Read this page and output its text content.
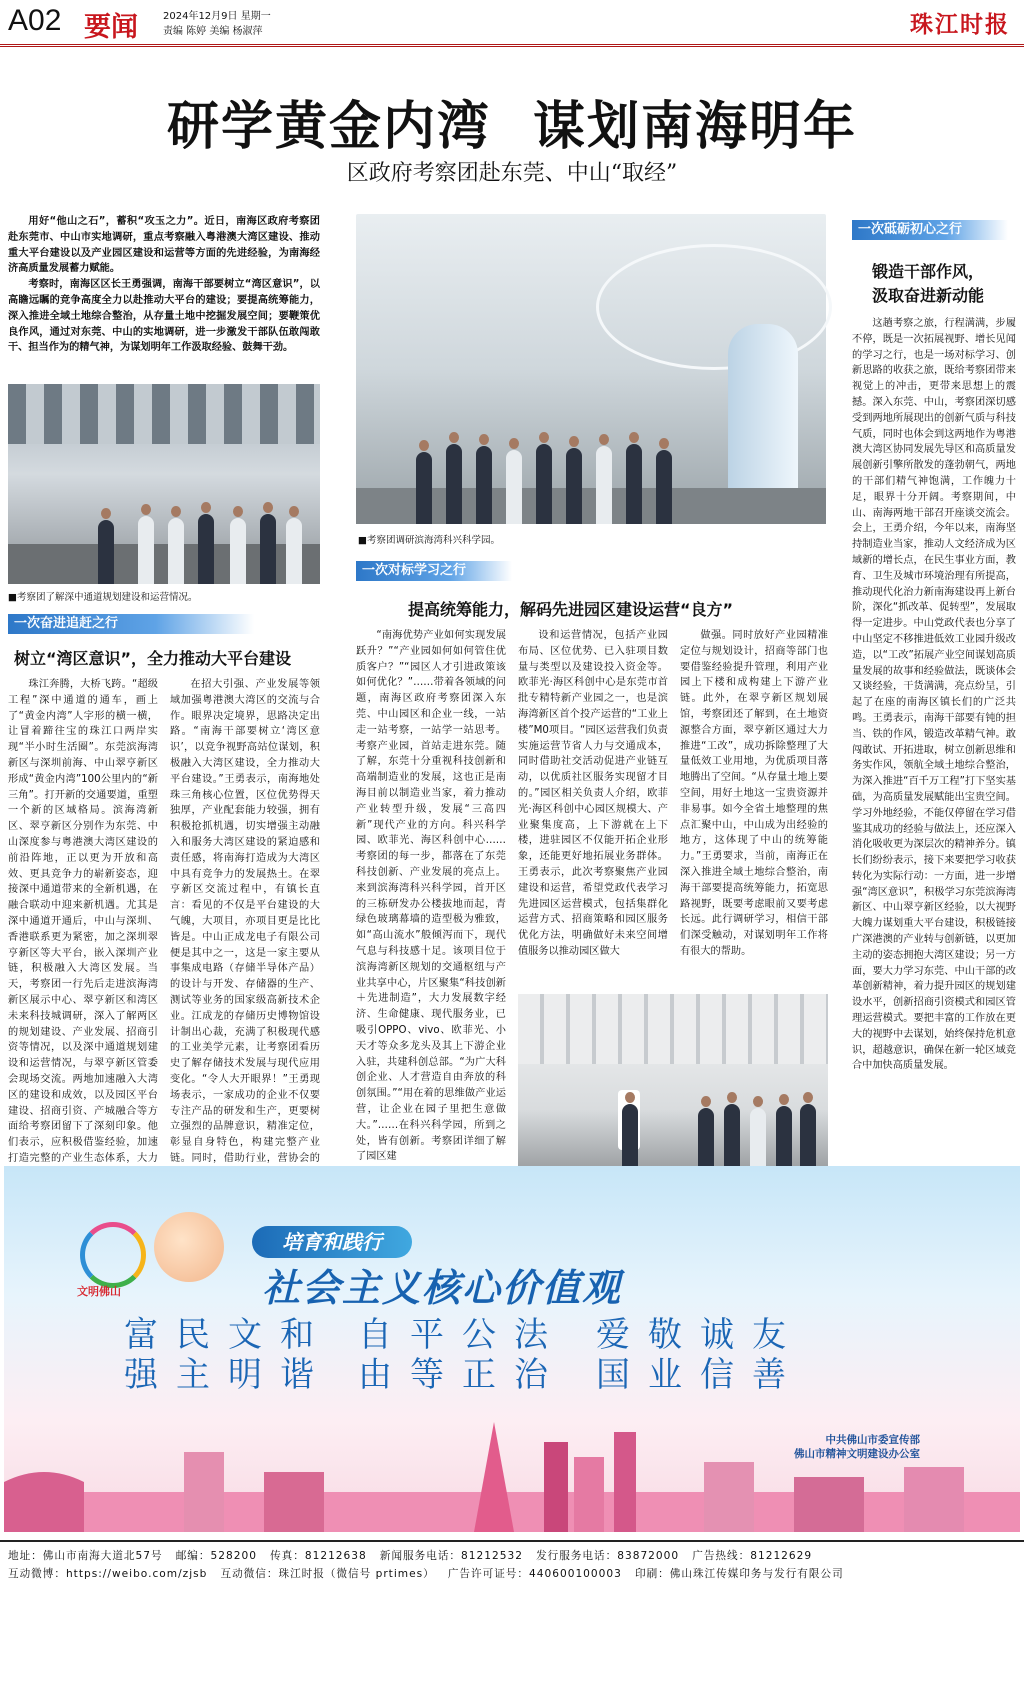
A02 要闻	2024年12月9日 星期一
责编 陈婷 美编 杨淑萍	珠江时报
研学黄金内湾 谋划南海明年
区政府考察团赴东莞、中山“取经”

用好“他山之石”，蓄积“攻玉之力”。近日，南海区政府考察团赴东莞市、中山市实地调研，重点考察融入粤港澳大湾区建设、推动重大平台建设以及产业园区建设和运营等方面的先进经验，为南海经济高质量发展蓄力赋能。

考察时，南海区区长王勇强调，南海干部要树立“湾区意识”，以高瞻远瞩的竞争高度全力以赴推动大平台的建设；要提高统筹能力，深入推进全域土地综合整治，从存量土地中挖掘发展空间；要鞭策优良作风，通过对东莞、中山的实地调研，进一步激发干部队伍敢闯敢干、担当作为的精气神，为谋划明年工作汲取经验、鼓舞干劲。

■考察团了解深中通道规划建设和运营情况。
■考察团调研滨海湾科兴科学园。
一次奋进追赶之行
树立“湾区意识”，全力推动大平台建设

珠江奔腾，大桥飞跨。“超级工程”深中通道的通车，画上了“黄金内湾”人字形的横一横，让冒着蹄往宝的珠江口两岸实现“半小时生活圈”。东莞滨海湾新区与深圳前海、中山翠亨新区形成“黄金内湾”100公里内的“新三角”。打开新的交通要道，重塑一个新的区域格局。滨海湾新区、翠亨新区分别作为东莞、中山深度参与粤港澳大湾区建设的前沿阵地，正以更为开放和高效、更具竞争力的崭新姿态，迎接深中通道带来的全新机遇，在融合联动中迎来新机遇。尤其是深中通道开通后，中山与深圳、香港联系更为紧密，加之深圳翠亨新区等大平台，嵌入深圳产业链，积极融入大湾区发展。当天，考察团一行先后走进滨海湾新区展示中心、翠亨新区和湾区未来科技城调研，深入了解两区的规划建设、产业发展、招商引资等情况，以及深中通道规划建设和运营情况，与翠亨新区管委会现场交流。两地加速融入大湾区的建设和成效，以及园区平台建设、招商引资、产城融合等方面给考察团留下了深刻印象。他们表示，应积极借鉴经验，加速打造完整的产业生态体系，大力

在招大引强、产业发展等领域加强粤港澳大湾区的交流与合作。眼界决定境界，思路决定出路。“南海干部要树立‘湾区意识’，以竞争视野高站位谋划，积极融入大湾区建设，全力推动大平台建设。”王勇表示，南海地处珠三角核心位置，区位优势得天独厚，产业配套能力较强，拥有积极抢抓机遇，切实增强主动融入和服务大湾区建设的紧迫感和责任感，将南海打造成为大湾区中具有竞争力的发展热土。在翠亨新区交流过程中，有镇长直言：看见的不仅是平台建设的大气魄，大项目，亦项目更是比比皆是。中山正成龙电子有限公司便是其中之一，这是一家主要从事集成电路（存储半导体产品）的设计与开发、存储器的生产、测试等业务的国家级高新技术企业。江成龙的存储历史博物馆设计制出心裁，充满了积极现代感的工业美学元素，让考察团看历史了解存储技术发展与现代应用变化。“令人大开眼界！”王勇现场表示，一家成功的企业不仅要专注产品的研发和生产，更要树立强烈的品牌意识，精准定位，彰显自身特色，构建完整产业链。同时，借助行业，营协会的

一次对标学习之行
提高统筹能力，解码先进园区建设运营“良方”

“南海优势产业如何实现发展跃升？”“产业园如何如何管住优质客户？”“园区人才引进政策该如何优化？”……带着各领域的问题，南海区政府考察团深入东莞、中山园区和企业一线，一站走一站考察，一站学一站思考。考察产业园，首站走进东莞。随了解，东莞十分重视科技创新和高端制造业的发展，这也正是南海目前以制造业当家，着力推动产业转型升级，发展“三高四新”现代产业的方向。科兴科学园、欧菲光、海区科创中心……考察团的每一步，都落在了东莞科技创新、产业发展的亮点上。来到滨海湾科兴科学园，首开区的三栋研发办公楼拔地而起，青绿色玻璃幕墙的造型极为雅致，如“高山流水”般倾泻而下，现代气息与科技感十足。该项目位于滨海湾新区规划的交通枢纽与产业共享中心，片区聚集“科技创新＋先进制造”，大力发展数字经济、生命健康、现代服务业，已吸引OPPO、vivo、欧菲光、小天才等众多龙头及其上下游企业入驻，共建科创总部。“为广大科创企业、人才营造自由奔放的科创氛围。”“用在着的思维做产业运营，让企业在园子里把生意做大。”……在科兴科学园，所到之处，皆有创新。考察团详细了解了园区建

设和运营情况，包括产业园布局、区位优势、已入驻项目数量与类型以及建设投入资金等。欧菲光·海区科创中心是东莞市首批专精特新产业园之一，也是滨海湾新区首个投产运营的“工业上楼”M0项目。“园区运营我们负责实施运营节省人力与交通成本，同时借助社交活动促进产业链互动，以优质社区服务实现留才目的。”园区相关负责人介绍，欧菲光·海区科创中心园区规模大、产业聚集度高，上下游就在上下楼，进驻园区不仅能开拓企业形象，还能更好地拓展业务群体。王勇表示，此次考察聚焦产业园建设和运营，希望党政代表学习先进园区运营模式，包括集群化运营方式、招商策略和园区服务优化方法，明确做好未来空间增值服务以推动园区做大

做强。同时放好产业园精准定位与规划设计，招商等部门也要借鉴经验提升管理，利用产业园上下楼和成构建上下游产业链。此外，在翠亨新区规划展馆，考察团还了解到，在土地资源整合方面，翠亨新区通过大力推进“工改”，成功拆除整理了大量低效工业用地，为优质项目落地腾出了空间。“从存量土地上要空间，用好土地这一宝贵资源并非易事。如今全省土地整理的焦点汇聚中山，中山成为出经验的地方，这体现了中山的统筹能力。”王勇要求，当前，南海正在深入推进全域土地综合整治，南海干部要提高统筹能力，拓宽思路视野，既要考虑眼前又要考虑长远。此行调研学习，相信干部们深受触动，对谋划明年工作将有很大的帮助。

一次砥砺初心之行
锻造干部作风，
汲取奋进新动能

这趟考察之旅，行程满满，步履不停，既是一次拓展视野、增长见闻的学习之行，也是一场对标学习、创新思路的收获之旅，既给考察团带来视觉上的冲击，更带来思想上的震撼。深入东莞、中山，考察团深切感受到两地所展现出的创新气质与科技气质，同时也体会到这两地作为粤港澳大湾区协同发展先导区和高质量发展创新引擎所散发的蓬勃朝气，两地的干部们精气神饱满，工作魄力十足，眼界十分开阔。考察期间，中山、南海两地干部召开座谈交流会。会上，王勇介绍，今年以来，南海坚持制造业当家，推动人文经济成为区域新的增长点，在民生事业方面，教育、卫生及城市环境治理有所提高，推动现代化治力新南海建设再上新台阶，深化“抓改革、促转型”，发展取得一定进步。中山党政代表也分享了中山坚定不移推进低效工业园升级改造，以“工改”拓展产业空间谋划高质量发展的故事和经验做法，既谈体会又谈经验，干货满满，亮点纷呈，引起了在座的南海区镇长们的广泛共鸣。王勇表示，南海干部要有钝的担当、铁的作风，锻造改革精气神。敢闯敢试、开拓进取，树立创新思维和务实作风，领航全域土地综合整治，为深入推进“百千万工程”打下坚实基础，为高质量发展赋能出宝贵空间。学习外地经验，不能仅停留在学习借鉴其成功的经验与做法上，还应深入消化吸收更为深层次的精神养分。镇长们纷纷表示，接下来要把学习收获转化为实际行动：一方面，进一步增强“湾区意识”，积极学习东莞滨海湾新区、中山翠亨新区经验，以大视野大魄力谋划重大平台建设，积极链接广深港澳的产业转与创新链，以更加主动的姿态拥抱大湾区建设；另一方面，要大力学习东莞、中山干部的改革创新精神，着力提升园区的规划建设水平，创新招商引资模式和园区管理运营模式。要把丰富的工作放在更大的视野中去谋划，始终保持危机意识，超越意识，确保在新一轮区域竞合中加快高质量发展。

文明佛山
培育和践行
社会主义核心价值观
富
强
民
主
文
明
和
谐
自
由
平
等
公
正
法
治
爱
国
敬
业
诚
信
友
善
中共佛山市委宣传部
佛山市精神文明建设办公室
地址：佛山市南海大道北57号 邮编：528200 传真：81212638 新闻服务电话：81212532 发行服务电话：83872000 广告热线：81212629
互动微博：https://weibo.com/zjsb 互动微信：珠江时报（微信号 prtimes） 广告许可证号：440600100003 印刷：佛山珠江传媒印务与发行有限公司
